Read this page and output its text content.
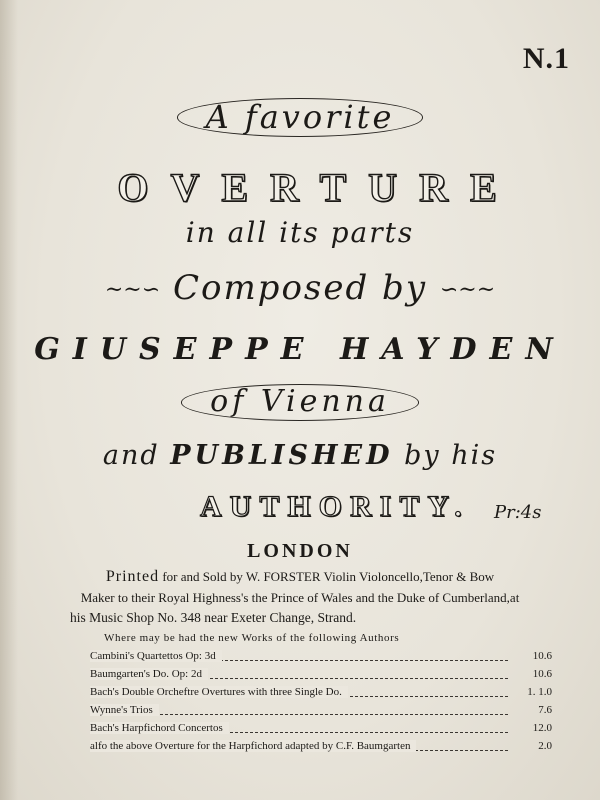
N.1
A favorite
OVERTURE
in all its parts
~~∽ Composed by ∽~~
GIUSEPPE HAYDEN
of Vienna
and PUBLISHED by his
AUTHORITY. Pr:4s
LONDON
Printed for and Sold by W. FORSTER Violin Violoncello,Tenor & Bow
Maker to their Royal Highness's the Prince of Wales and the Duke of Cumberland,at
his Music Shop No. 348 near Exeter Change, Strand.
Where may be had the new Works of the following Authors
Cambini's Quartettos Op: 3d	10.6
Baumgarten's Do. Op: 2d	10.6
Bach's Double Orcheftre Overtures with three Single Do.	1. 1.0
Wynne's Trios	7.6
Bach's Harpfichord Concertos	12.0
alfo the above Overture for the Harpfichord adapted by C.F. Baumgarten	2.0
